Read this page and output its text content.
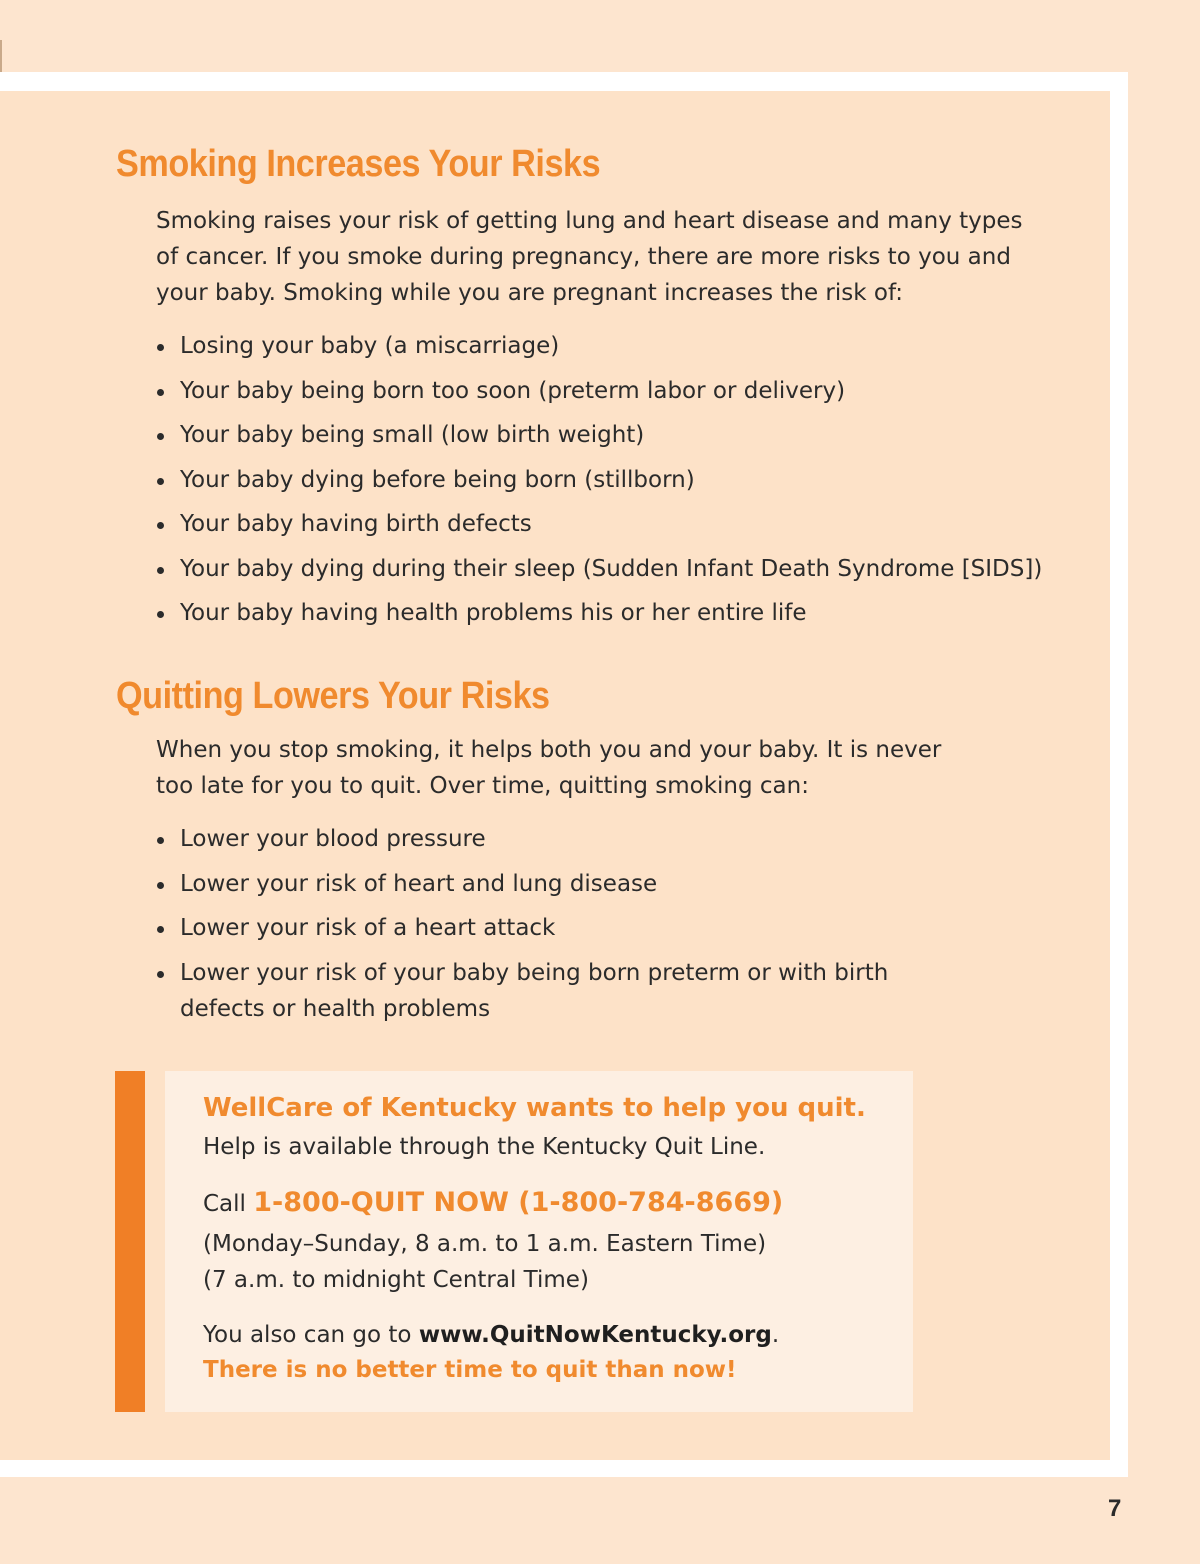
Smoking Increases Your Risks

Smoking raises your risk of getting lung and heart disease and many types of cancer. If you smoke during pregnancy, there are more risks to you and your baby. Smoking while you are pregnant increases the risk of:

Losing your baby (a miscarriage)
Your baby being born too soon (preterm labor or delivery)
Your baby being small (low birth weight)
Your baby dying before being born (stillborn)
Your baby having birth defects
Your baby dying during their sleep (Sudden Infant Death Syndrome [SIDS])
Your baby having health problems his or her entire life
Quitting Lowers Your Risks

When you stop smoking, it helps both you and your baby. It is never too late for you to quit. Over time, quitting smoking can:

Lower your blood pressure
Lower your risk of heart and lung disease
Lower your risk of a heart attack
Lower your risk of your baby being born preterm or with birth defects or health problems

WellCare of Kentucky wants to help you quit.

Help is available through the Kentucky Quit Line.

Call 1-800-QUIT NOW (1-800-784-8669)

(Monday–Sunday, 8 a.m. to 1 a.m. Eastern Time)

(7 a.m. to midnight Central Time)

You also can go to www.QuitNowKentucky.org.

There is no better time to quit than now!

7
